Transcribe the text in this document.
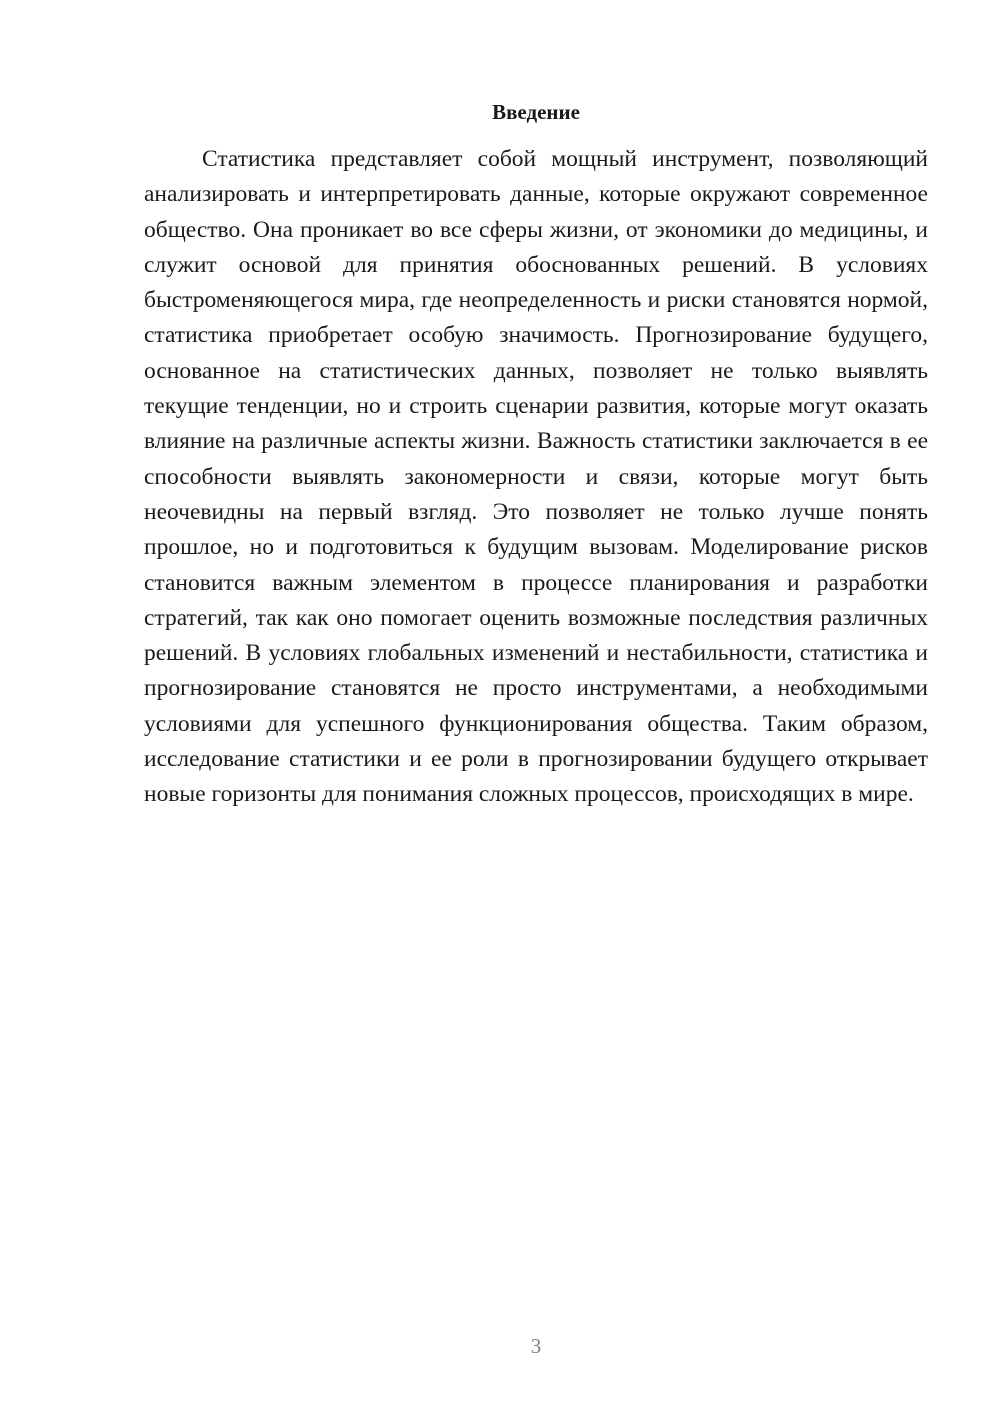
Введение

Статистика представляет собой мощный инструмент, позволяющий анализировать и интерпретировать данные, которые окружают современное общество. Она проникает во все сферы жизни, от экономики до медицины, и служит основой для принятия обоснованных решений. В условиях быстроменяющегося мира, где неопределенность и риски становятся нормой, статистика приобретает особую значимость. Прогнозирование будущего, основанное на статистических данных, позволяет не только выявлять текущие тенденции, но и строить сценарии развития, которые могут оказать влияние на различные аспекты жизни. Важность статистики заключается в ее способности выявлять закономерности и связи, которые могут быть неочевидны на первый взгляд. Это позволяет не только лучше понять прошлое, но и подготовиться к будущим вызовам. Моделирование рисков становится важным элементом в процессе планирования и разработки стратегий, так как оно помогает оценить возможные последствия различных решений. В условиях глобальных изменений и нестабильности, статистика и прогнозирование становятся не просто инструментами, а необходимыми условиями для успешного функционирования общества. Таким образом, исследование статистики и ее роли в прогнозировании будущего открывает новые горизонты для понимания сложных процессов, происходящих в мире.

3
